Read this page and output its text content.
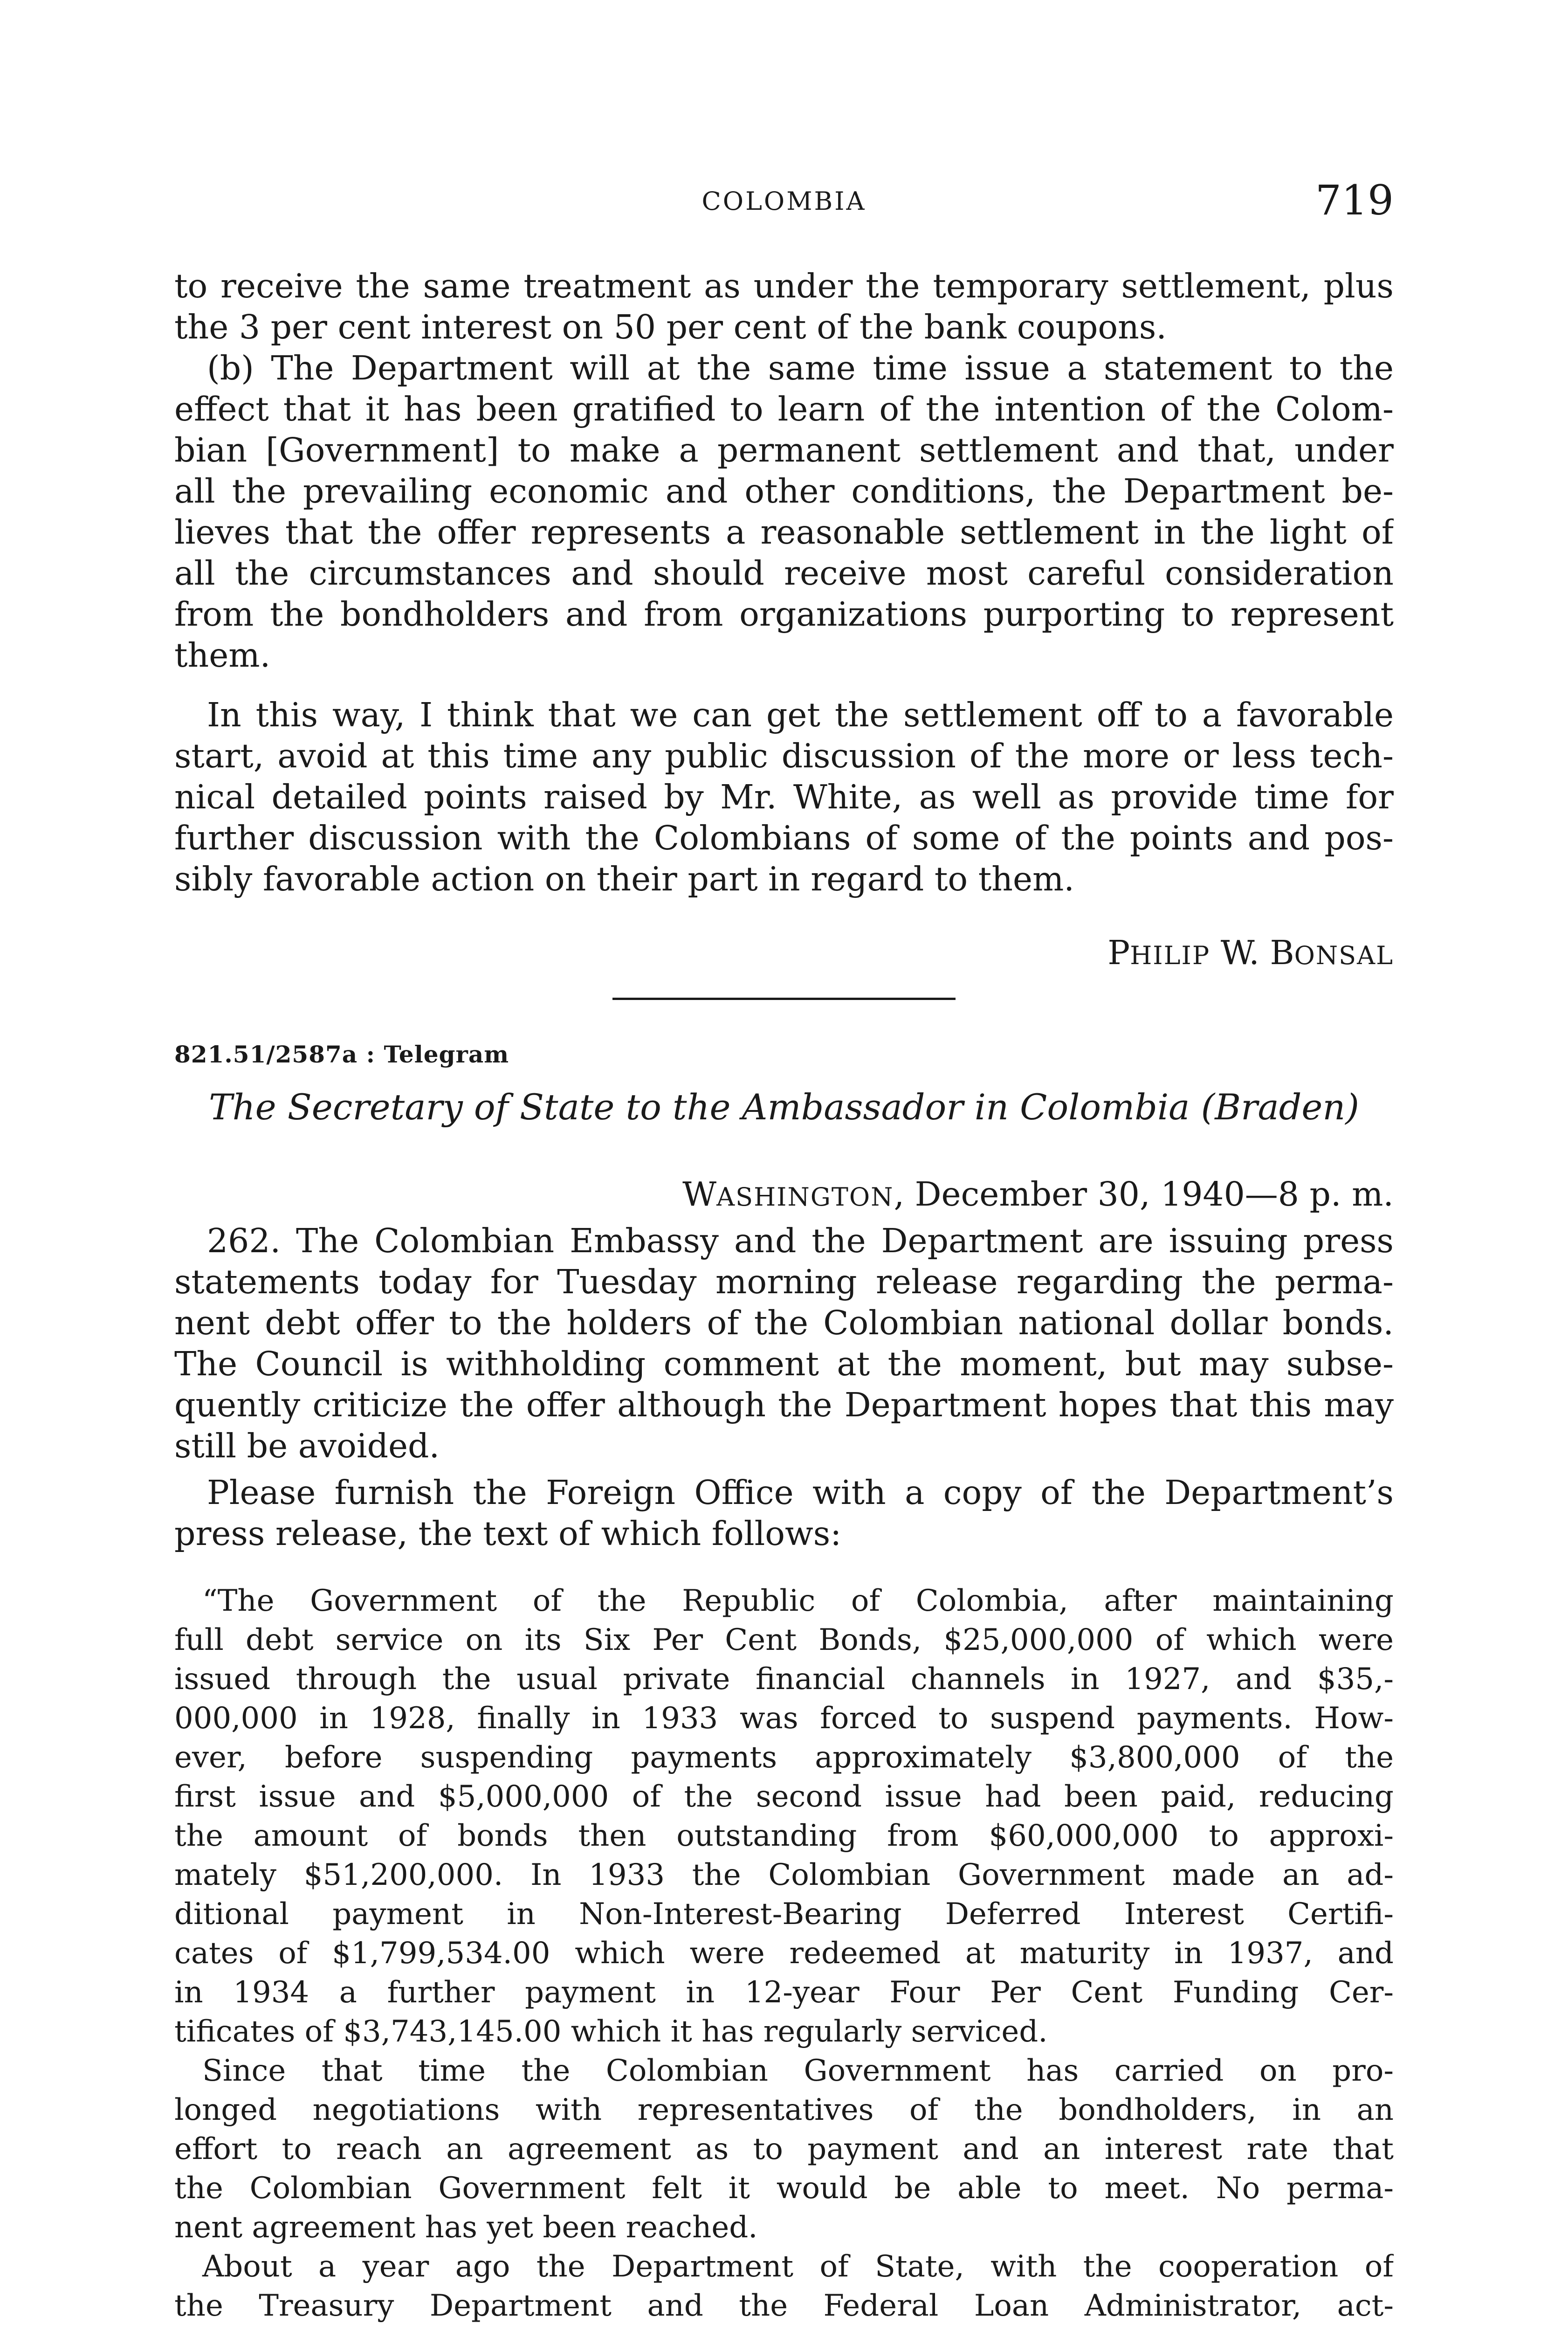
COLOMBIA	719
to receive the same treatment as under the temporary settlement, plus
the 3 per cent interest on 50 per cent of the bank coupons.
(b) The Department will at the same time issue a statement to the
effect that it has been gratified to learn of the intention of the Colom-
bian [Government] to make a permanent settlement and that, under
all the prevailing economic and other conditions, the Department be-
lieves that the offer represents a reasonable settlement in the light of
all the circumstances and should receive most careful consideration
from the bondholders and from organizations purporting to represent
them.
In this way, I think that we can get the settlement off to a favorable
start, avoid at this time any public discussion of the more or less tech-
nical detailed points raised by Mr. White, as well as provide time for
further discussion with the Colombians of some of the points and pos-
sibly favorable action on their part in regard to them.
PHILIP W. BONSAL
821.51/2587a : Telegram
The Secretary of State to the Ambassador in Colombia (Braden)
WASHINGTON, December 30, 1940—8 p. m.
262. The Colombian Embassy and the Department are issuing press
statements today for Tuesday morning release regarding the perma-
nent debt offer to the holders of the Colombian national dollar bonds.
The Council is withholding comment at the moment, but may subse-
quently criticize the offer although the Department hopes that this may
still be avoided.
Please furnish the Foreign Office with a copy of the Department’s
press release, the text of which follows:
“The Government of the Republic of Colombia, after maintaining
full debt service on its Six Per Cent Bonds, $25,000,000 of which were
issued through the usual private financial channels in 1927, and $35,-
000,000 in 1928, finally in 1933 was forced to suspend payments. How-
ever, before suspending payments approximately $3,800,000 of the
first issue and $5,000,000 of the second issue had been paid, reducing
the amount of bonds then outstanding from $60,000,000 to approxi-
mately $51,200,000. In 1933 the Colombian Government made an ad-
ditional payment in Non-Interest-Bearing Deferred Interest Certifi-
cates of $1,799,534.00 which were redeemed at maturity in 1937, and
in 1934 a further payment in 12-year Four Per Cent Funding Cer-
tificates of $3,743,145.00 which it has regularly serviced.
Since that time the Colombian Government has carried on pro-
longed negotiations with representatives of the bondholders, in an
effort to reach an agreement as to payment and an interest rate that
the Colombian Government felt it would be able to meet. No perma-
nent agreement has yet been reached.
About a year ago the Department of State, with the cooperation of
the Treasury Department and the Federal Loan Administrator, act-
